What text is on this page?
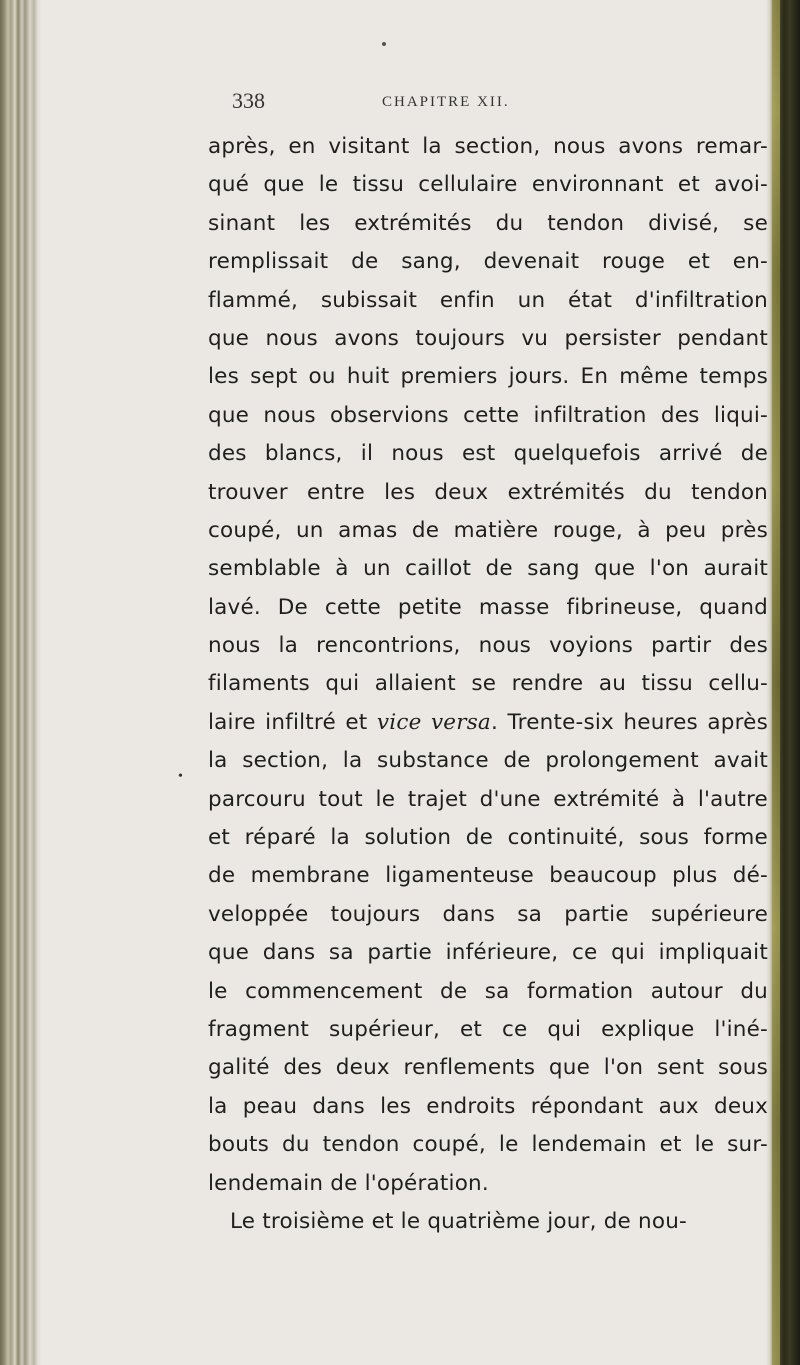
338	CHAPITRE XII.
•
après, en visitant la section, nous avons remar-
qué que le tissu cellulaire environnant et avoi-
sinant les extrémités du tendon divisé, se
remplissait de sang, devenait rouge et en-
flammé, subissait enfin un état d'infiltration
que nous avons toujours vu persister pendant
les sept ou huit premiers jours. En même temps
que nous observions cette infiltration des liqui-
des blancs, il nous est quelquefois arrivé de
trouver entre les deux extrémités du tendon
coupé, un amas de matière rouge, à peu près
semblable à un caillot de sang que l'on aurait
lavé. De cette petite masse fibrineuse, quand
nous la rencontrions, nous voyions partir des
filaments qui allaient se rendre au tissu cellu-
laire infiltré et vice versa. Trente-six heures après
la section, la substance de prolongement avait
parcouru tout le trajet d'une extrémité à l'autre
et réparé la solution de continuité, sous forme
de membrane ligamenteuse beaucoup plus dé-
veloppée toujours dans sa partie supérieure
que dans sa partie inférieure, ce qui impliquait
le commencement de sa formation autour du
fragment supérieur, et ce qui explique l'iné-
galité des deux renflements que l'on sent sous
la peau dans les endroits répondant aux deux
bouts du tendon coupé, le lendemain et le sur-
lendemain de l'opération.
Le troisième et le quatrième jour, de nou-
